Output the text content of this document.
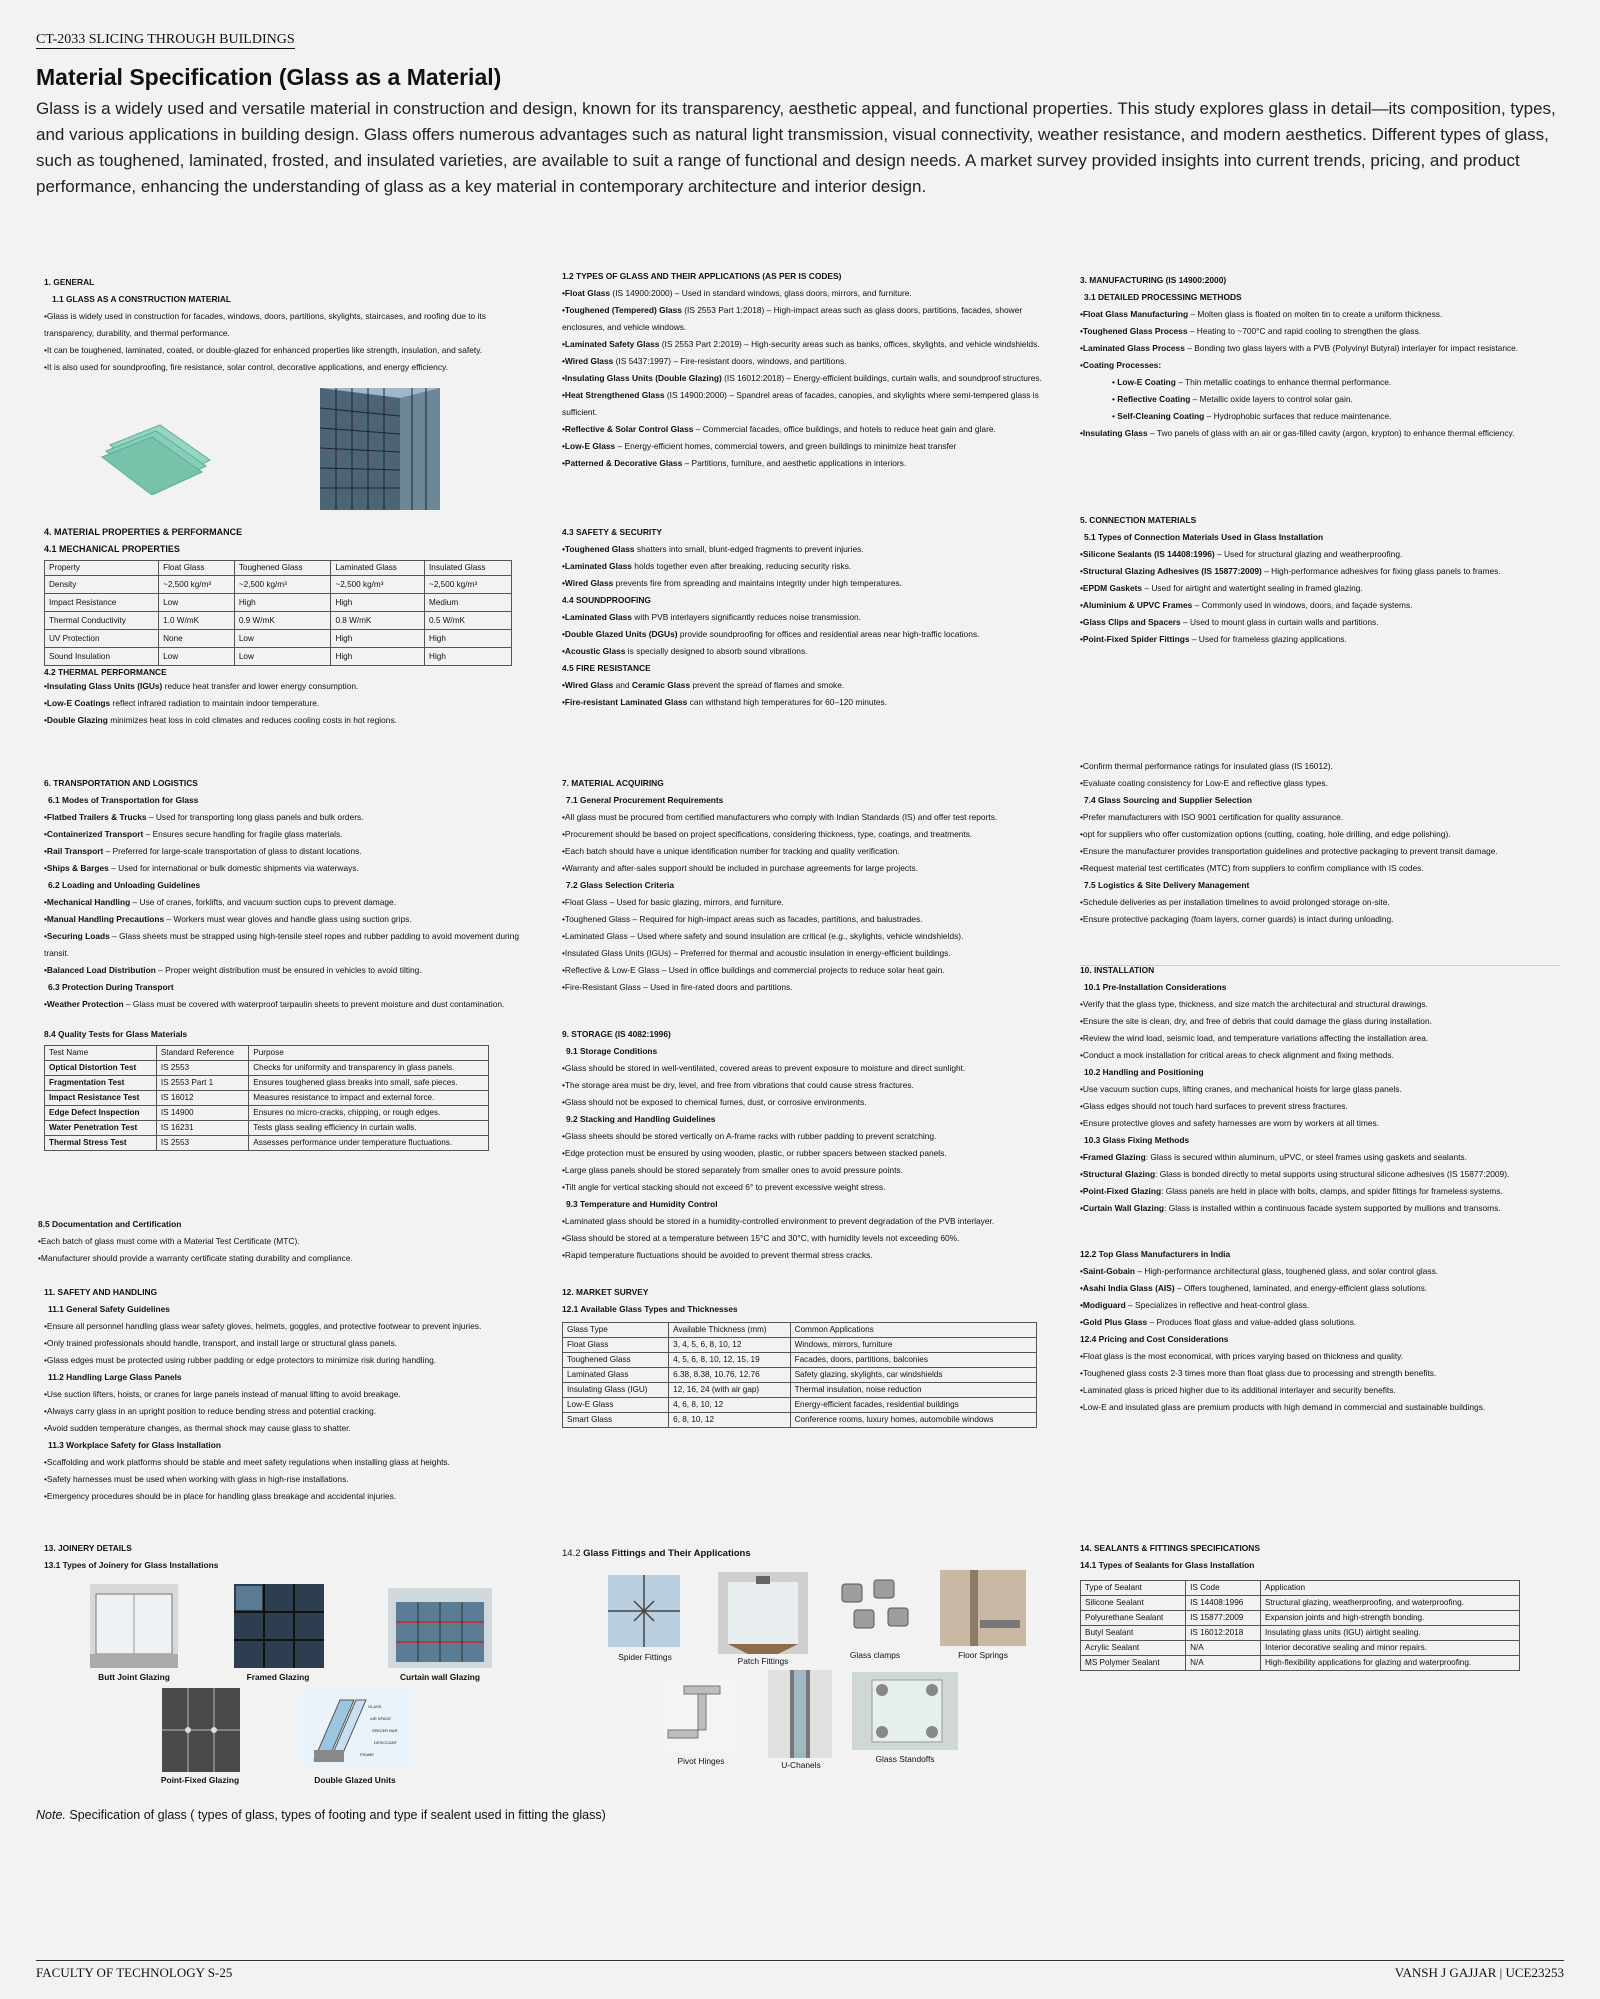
CT-2033 SLICING THROUGH BUILDINGS
Material Specification (Glass as a Material)
Glass is a widely used and versatile material in construction and design, known for its transparency, aesthetic appeal, and functional properties. This study explores glass in detail—its composition, types, and various applications in building design. Glass offers numerous advantages such as natural light transmission, visual connectivity, weather resistance, and modern aesthetics. Different types of glass, such as toughened, laminated, frosted, and insulated varieties, are available to suit a range of functional and design needs. A market survey provided insights into current trends, pricing, and product performance, enhancing the understanding of glass as a key material in contemporary architecture and interior design.
1. GENERAL
1.1 GLASS AS A CONSTRUCTION MATERIAL
•Glass is widely used in construction for facades, windows, doors, partitions, skylights, staircases, and roofing due to its transparency, durability, and thermal performance.
•It can be toughened, laminated, coated, or double-glazed for enhanced properties like strength, insulation, and safety.
•It is also used for soundproofing, fire resistance, solar control, decorative applications, and energy efficiency.
1.2 TYPES OF GLASS AND THEIR APPLICATIONS (AS PER IS CODES)
•Float Glass (IS 14900:2000) – Used in standard windows, glass doors, mirrors, and furniture.
•Toughened (Tempered) Glass (IS 2553 Part 1:2018) – High-impact areas such as glass doors, partitions, facades, shower enclosures, and vehicle windows.
•Laminated Safety Glass (IS 2553 Part 2:2019) – High-security areas such as banks, offices, skylights, and vehicle windshields.
•Wired Glass (IS 5437:1997) – Fire-resistant doors, windows, and partitions.
•Insulating Glass Units (Double Glazing) (IS 16012:2018) – Energy-efficient buildings, curtain walls, and soundproof structures.
•Heat Strengthened Glass (IS 14900:2000) – Spandrel areas of facades, canopies, and skylights where semi-tempered glass is sufficient.
•Reflective & Solar Control Glass – Commercial facades, office buildings, and hotels to reduce heat gain and glare.
•Low-E Glass – Energy-efficient homes, commercial towers, and green buildings to minimize heat transfer
•Patterned & Decorative Glass – Partitions, furniture, and aesthetic applications in interiors.
3. MANUFACTURING (IS 14900:2000)
3.1 DETAILED PROCESSING METHODS
•Float Glass Manufacturing – Molten glass is floated on molten tin to create a uniform thickness.
•Toughened Glass Process – Heating to ~700°C and rapid cooling to strengthen the glass.
•Laminated Glass Process – Bonding two glass layers with a PVB (Polyvinyl Butyral) interlayer for impact resistance.
•Coating Processes:
• Low-E Coating – Thin metallic coatings to enhance thermal performance.
• Reflective Coating – Metallic oxide layers to control solar gain.
• Self-Cleaning Coating – Hydrophobic surfaces that reduce maintenance.
•Insulating Glass – Two panels of glass with an air or gas-filled cavity (argon, krypton) to enhance thermal efficiency.
4. MATERIAL PROPERTIES & PERFORMANCE
4.1 MECHANICAL PROPERTIES
Property	Float Glass	Toughened Glass	Laminated Glass	Insulated Glass
Density	~2,500 kg/m³	~2,500 kg/m³	~2,500 kg/m³	~2,500 kg/m³
Impact Resistance	Low	High	High	Medium
Thermal Conductivity	1.0 W/mK	0.9 W/mK	0.8 W/mK	0.5 W/mK
UV Protection	None	Low	High	High
Sound Insulation	Low	Low	High	High
4.2 THERMAL PERFORMANCE
•Insulating Glass Units (IGUs) reduce heat transfer and lower energy consumption.
•Low-E Coatings reflect infrared radiation to maintain indoor temperature.
•Double Glazing minimizes heat loss in cold climates and reduces cooling costs in hot regions.
4.3 SAFETY & SECURITY
•Toughened Glass shatters into small, blunt-edged fragments to prevent injuries.
•Laminated Glass holds together even after breaking, reducing security risks.
•Wired Glass prevents fire from spreading and maintains integrity under high temperatures.
4.4 SOUNDPROOFING
•Laminated Glass with PVB interlayers significantly reduces noise transmission.
•Double Glazed Units (DGUs) provide soundproofing for offices and residential areas near high-traffic locations.
•Acoustic Glass is specially designed to absorb sound vibrations.
4.5 FIRE RESISTANCE
•Wired Glass and Ceramic Glass prevent the spread of flames and smoke.
•Fire-resistant Laminated Glass can withstand high temperatures for 60–120 minutes.
5. CONNECTION MATERIALS
5.1 Types of Connection Materials Used in Glass Installation
•Silicone Sealants (IS 14408:1996) – Used for structural glazing and weatherproofing.
•Structural Glazing Adhesives (IS 15877:2009) – High-performance adhesives for fixing glass panels to frames.
•EPDM Gaskets – Used for airtight and watertight sealing in framed glazing.
•Aluminium & UPVC Frames – Commonly used in windows, doors, and façade systems.
•Glass Clips and Spacers – Used to mount glass in curtain walls and partitions.
•Point-Fixed Spider Fittings – Used for frameless glazing applications.
6. TRANSPORTATION AND LOGISTICS
6.1 Modes of Transportation for Glass
•Flatbed Trailers & Trucks – Used for transporting long glass panels and bulk orders.
•Containerized Transport – Ensures secure handling for fragile glass materials.
•Rail Transport – Preferred for large-scale transportation of glass to distant locations.
•Ships & Barges – Used for international or bulk domestic shipments via waterways.
6.2 Loading and Unloading Guidelines
•Mechanical Handling – Use of cranes, forklifts, and vacuum suction cups to prevent damage.
•Manual Handling Precautions – Workers must wear gloves and handle glass using suction grips.
•Securing Loads – Glass sheets must be strapped using high-tensile steel ropes and rubber padding to avoid movement during transit.
•Balanced Load Distribution – Proper weight distribution must be ensured in vehicles to avoid tilting.
6.3 Protection During Transport
•Weather Protection – Glass must be covered with waterproof tarpaulin sheets to prevent moisture and dust contamination.
8.4 Quality Tests for Glass Materials
Test Name	Standard Reference	Purpose
Optical Distortion Test	IS 2553	Checks for uniformity and transparency in glass panels.
Fragmentation Test	IS 2553 Part 1	Ensures toughened glass breaks into small, safe pieces.
Impact Resistance Test	IS 16012	Measures resistance to impact and external force.
Edge Defect Inspection	IS 14900	Ensures no micro-cracks, chipping, or rough edges.
Water Penetration Test	IS 16231	Tests glass sealing efficiency in curtain walls.
Thermal Stress Test	IS 2553	Assesses performance under temperature fluctuations.
8.5 Documentation and Certification
•Each batch of glass must come with a Material Test Certificate (MTC).
•Manufacturer should provide a warranty certificate stating durability and compliance.
7. MATERIAL ACQUIRING
7.1 General Procurement Requirements
•All glass must be procured from certified manufacturers who comply with Indian Standards (IS) and offer test reports.
•Procurement should be based on project specifications, considering thickness, type, coatings, and treatments.
•Each batch should have a unique identification number for tracking and quality verification.
•Warranty and after-sales support should be included in purchase agreements for large projects.
7.2 Glass Selection Criteria
•Float Glass – Used for basic glazing, mirrors, and furniture.
•Toughened Glass – Required for high-impact areas such as facades, partitions, and balustrades.
•Laminated Glass – Used where safety and sound insulation are critical (e.g., skylights, vehicle windshields).
•Insulated Glass Units (IGUs) – Preferred for thermal and acoustic insulation in energy-efficient buildings.
•Reflective & Low-E Glass – Used in office buildings and commercial projects to reduce solar heat gain.
•Fire-Resistant Glass – Used in fire-rated doors and partitions.
•Confirm thermal performance ratings for insulated glass (IS 16012).
•Evaluate coating consistency for Low-E and reflective glass types.
7.4 Glass Sourcing and Supplier Selection
•Prefer manufacturers with ISO 9001 certification for quality assurance.
•opt for suppliers who offer customization options (cutting, coating, hole drilling, and edge polishing).
•Ensure the manufacturer provides transportation guidelines and protective packaging to prevent transit damage.
•Request material test certificates (MTC) from suppliers to confirm compliance with IS codes.
7.5 Logistics & Site Delivery Management
•Schedule deliveries as per installation timelines to avoid prolonged storage on-site.
•Ensure protective packaging (foam layers, corner guards) is intact during unloading.
9. STORAGE (IS 4082:1996)
9.1 Storage Conditions
•Glass should be stored in well-ventilated, covered areas to prevent exposure to moisture and direct sunlight.
•The storage area must be dry, level, and free from vibrations that could cause stress fractures.
•Glass should not be exposed to chemical fumes, dust, or corrosive environments.
9.2 Stacking and Handling Guidelines
•Glass sheets should be stored vertically on A-frame racks with rubber padding to prevent scratching.
•Edge protection must be ensured by using wooden, plastic, or rubber spacers between stacked panels.
•Large glass panels should be stored separately from smaller ones to avoid pressure points.
•Tilt angle for vertical stacking should not exceed 6° to prevent excessive weight stress.
9.3 Temperature and Humidity Control
•Laminated glass should be stored in a humidity-controlled environment to prevent degradation of the PVB interlayer.
•Glass should be stored at a temperature between 15°C and 30°C, with humidity levels not exceeding 60%.
•Rapid temperature fluctuations should be avoided to prevent thermal stress cracks.
10. INSTALLATION
10.1 Pre-Installation Considerations
•Verify that the glass type, thickness, and size match the architectural and structural drawings.
•Ensure the site is clean, dry, and free of debris that could damage the glass during installation.
•Review the wind load, seismic load, and temperature variations affecting the installation area.
•Conduct a mock installation for critical areas to check alignment and fixing methods.
10.2 Handling and Positioning
•Use vacuum suction cups, lifting cranes, and mechanical hoists for large glass panels.
•Glass edges should not touch hard surfaces to prevent stress fractures.
•Ensure protective gloves and safety harnesses are worn by workers at all times.
10.3 Glass Fixing Methods
•Framed Glazing: Glass is secured within aluminum, uPVC, or steel frames using gaskets and sealants.
•Structural Glazing: Glass is bonded directly to metal supports using structural silicone adhesives (IS 15877:2009).
•Point-Fixed Glazing: Glass panels are held in place with bolts, clamps, and spider fittings for frameless systems.
•Curtain Wall Glazing: Glass is installed within a continuous facade system supported by mullions and transoms.
11. SAFETY AND HANDLING
11.1 General Safety Guidelines
•Ensure all personnel handling glass wear safety gloves, helmets, goggles, and protective footwear to prevent injuries.
•Only trained professionals should handle, transport, and install large or structural glass panels.
•Glass edges must be protected using rubber padding or edge protectors to minimize risk during handling.
11.2 Handling Large Glass Panels
•Use suction lifters, hoists, or cranes for large panels instead of manual lifting to avoid breakage.
•Always carry glass in an upright position to reduce bending stress and potential cracking.
•Avoid sudden temperature changes, as thermal shock may cause glass to shatter.
11.3 Workplace Safety for Glass Installation
•Scaffolding and work platforms should be stable and meet safety regulations when installing glass at heights.
•Safety harnesses must be used when working with glass in high-rise installations.
•Emergency procedures should be in place for handling glass breakage and accidental injuries.
12. MARKET SURVEY
12.1 Available Glass Types and Thicknesses
Glass Type	Available Thickness (mm)	Common Applications
Float Glass	3, 4, 5, 6, 8, 10, 12	Windows, mirrors, furniture
Toughened Glass	4, 5, 6, 8, 10, 12, 15, 19	Facades, doors, partitions, balconies
Laminated Glass	6.38, 8.38, 10.76, 12.76	Safety glazing, skylights, car windshields
Insulating Glass (IGU)	12, 16, 24 (with air gap)	Thermal insulation, noise reduction
Low-E Glass	4, 6, 8, 10, 12	Energy-efficient facades, residential buildings
Smart Glass	6, 8, 10, 12	Conference rooms, luxury homes, automobile windows
12.2 Top Glass Manufacturers in India
•Saint-Gobain – High-performance architectural glass, toughened glass, and solar control glass.
•Asahi India Glass (AIS) – Offers toughened, laminated, and energy-efficient glass solutions.
•Modiguard – Specializes in reflective and heat-control glass.
•Gold Plus Glass – Produces float glass and value-added glass solutions.
12.4 Pricing and Cost Considerations
•Float glass is the most economical, with prices varying based on thickness and quality.
•Toughened glass costs 2-3 times more than float glass due to processing and strength benefits.
•Laminated glass is priced higher due to its additional interlayer and security benefits.
•Low-E and insulated glass are premium products with high demand in commercial and sustainable buildings.
13. JOINERY DETAILS
13.1 Types of Joinery for Glass Installations
Butt Joint Glazing	Framed Glazing	Curtain wall Glazing
Point-Fixed Glazing
GLASS
AIR SPACE
SPACER BAR
DESICCANT
FRAME
Double Glazed Units
14.2 Glass Fittings and Their Applications
Spider Fittings	Patch Fittings
Glass clamps	Floor Springs
Pivot Hinges	U-Chanels
Glass Standoffs
14. SEALANTS & FITTINGS SPECIFICATIONS
14.1 Types of Sealants for Glass Installation
Type of Sealant	IS Code	Application
Silicone Sealant	IS 14408:1996	Structural glazing, weatherproofing, and waterproofing.
Polyurethane Sealant	IS 15877:2009	Expansion joints and high-strength bonding.
Butyl Sealant	IS 16012:2018	Insulating glass units (IGU) airtight sealing.
Acrylic Sealant	N/A	Interior decorative sealing and minor repairs.
MS Polymer Sealant	N/A	High-flexibility applications for glazing and waterproofing.
Note. Specification of glass ( types of glass, types of footing and type if sealent used in fitting the glass)
FACULTY OF TECHNOLOGY S-25	VANSH J GAJJAR | UCE23253
